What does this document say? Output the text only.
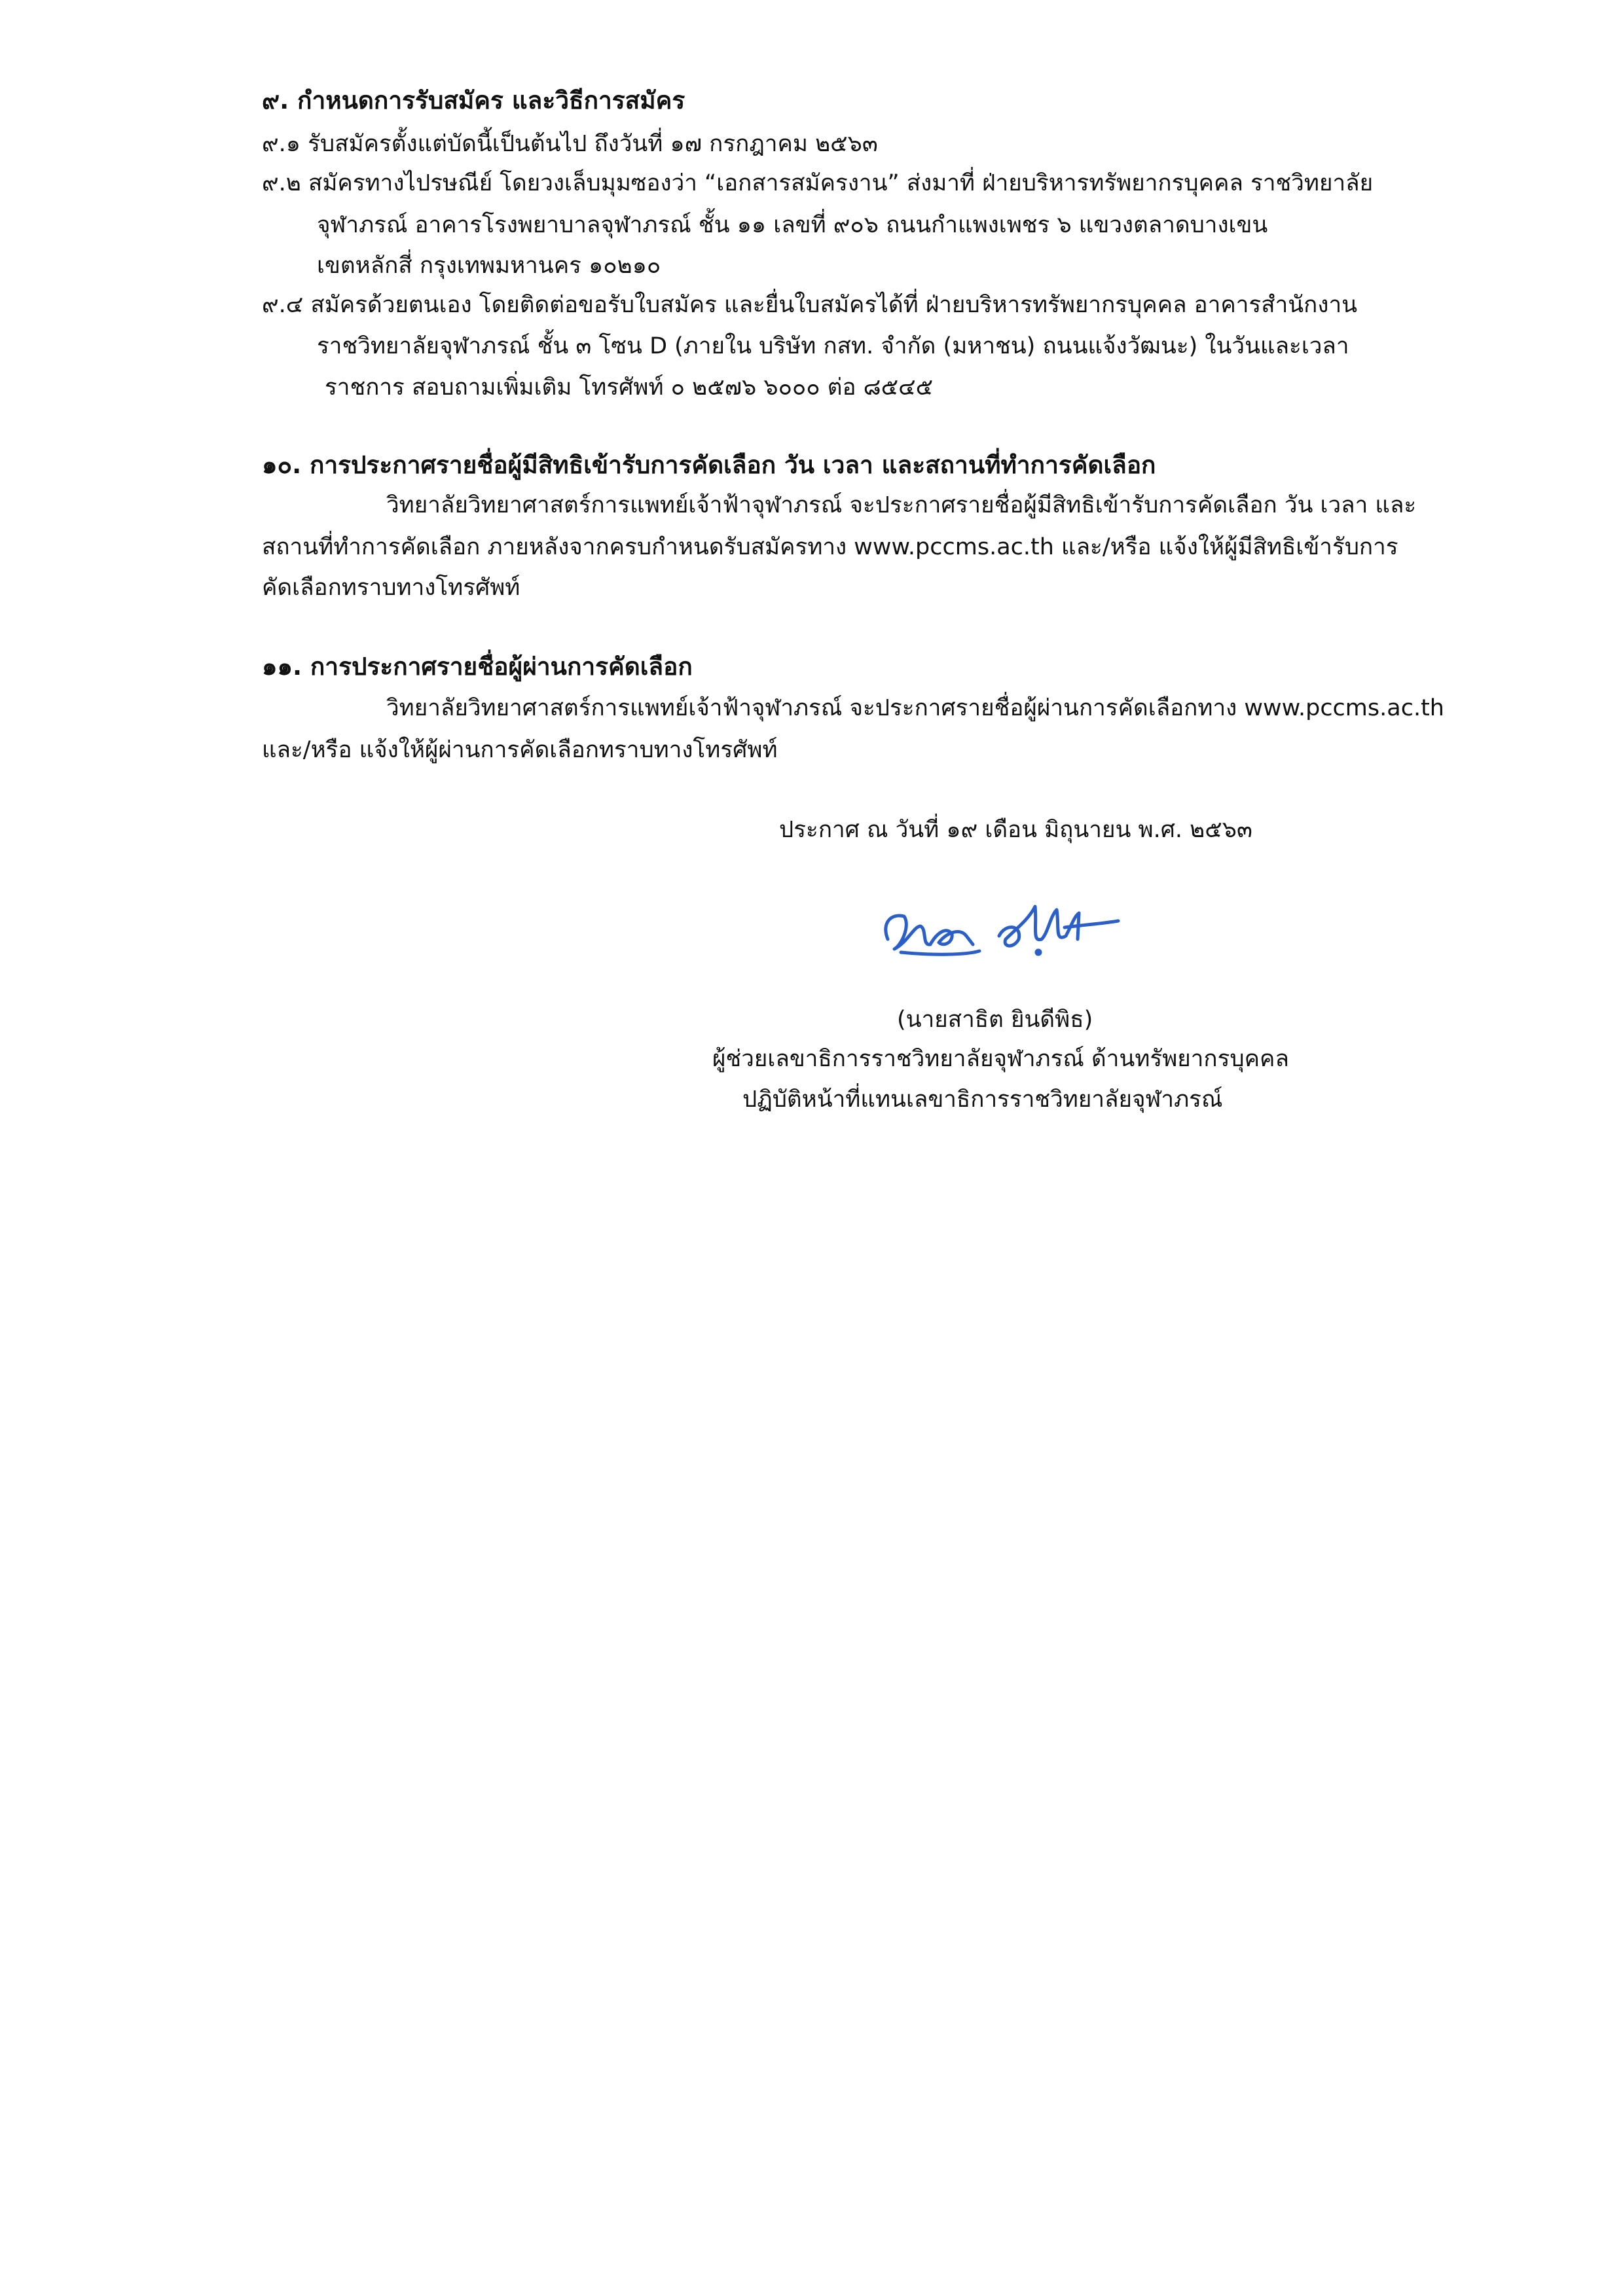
๙. กำหนดการรับสมัคร และวิธีการสมัคร
๙.๑ รับสมัครตั้งแต่บัดนี้เป็นต้นไป ถึงวันที่ ๑๗ กรกฎาคม ๒๕๖๓
๙.๒ สมัครทางไปรษณีย์ โดยวงเล็บมุมซองว่า “เอกสารสมัครงาน” ส่งมาที่ ฝ่ายบริหารทรัพยากรบุคคล ราชวิทยาลัย
จุฬาภรณ์ อาคารโรงพยาบาลจุฬาภรณ์ ชั้น ๑๑ เลขที่ ๙๐๖ ถนนกำแพงเพชร ๖ แขวงตลาดบางเขน
เขตหลักสี่ กรุงเทพมหานคร ๑๐๒๑๐
๙.๔ สมัครด้วยตนเอง โดยติดต่อขอรับใบสมัคร และยื่นใบสมัครได้ที่ ฝ่ายบริหารทรัพยากรบุคคล อาคารสำนักงาน
ราชวิทยาลัยจุฬาภรณ์ ชั้น ๓ โซน D (ภายใน บริษัท กสท. จำกัด (มหาชน) ถนนแจ้งวัฒนะ) ในวันและเวลา
ราชการ สอบถามเพิ่มเติม โทรศัพท์ ๐ ๒๕๗๖ ๖๐๐๐ ต่อ ๘๕๔๕
๑๐. การประกาศรายชื่อผู้มีสิทธิเข้ารับการคัดเลือก วัน เวลา และสถานที่ทำการคัดเลือก
วิทยาลัยวิทยาศาสตร์การแพทย์เจ้าฟ้าจุฬาภรณ์ จะประกาศรายชื่อผู้มีสิทธิเข้ารับการคัดเลือก วัน เวลา และ
สถานที่ทำการคัดเลือก ภายหลังจากครบกำหนดรับสมัครทาง www.pccms.ac.th และ/หรือ แจ้งให้ผู้มีสิทธิเข้ารับการ
คัดเลือกทราบทางโทรศัพท์
๑๑. การประกาศรายชื่อผู้ผ่านการคัดเลือก
วิทยาลัยวิทยาศาสตร์การแพทย์เจ้าฟ้าจุฬาภรณ์ จะประกาศรายชื่อผู้ผ่านการคัดเลือกทาง www.pccms.ac.th
และ/หรือ แจ้งให้ผู้ผ่านการคัดเลือกทราบทางโทรศัพท์
ประกาศ ณ วันที่ ๑๙ เดือน มิถุนายน พ.ศ. ๒๕๖๓
(นายสาธิต ยินดีพิธ)
ผู้ช่วยเลขาธิการราชวิทยาลัยจุฬาภรณ์ ด้านทรัพยากรบุคคล
ปฏิบัติหน้าที่แทนเลขาธิการราชวิทยาลัยจุฬาภรณ์
